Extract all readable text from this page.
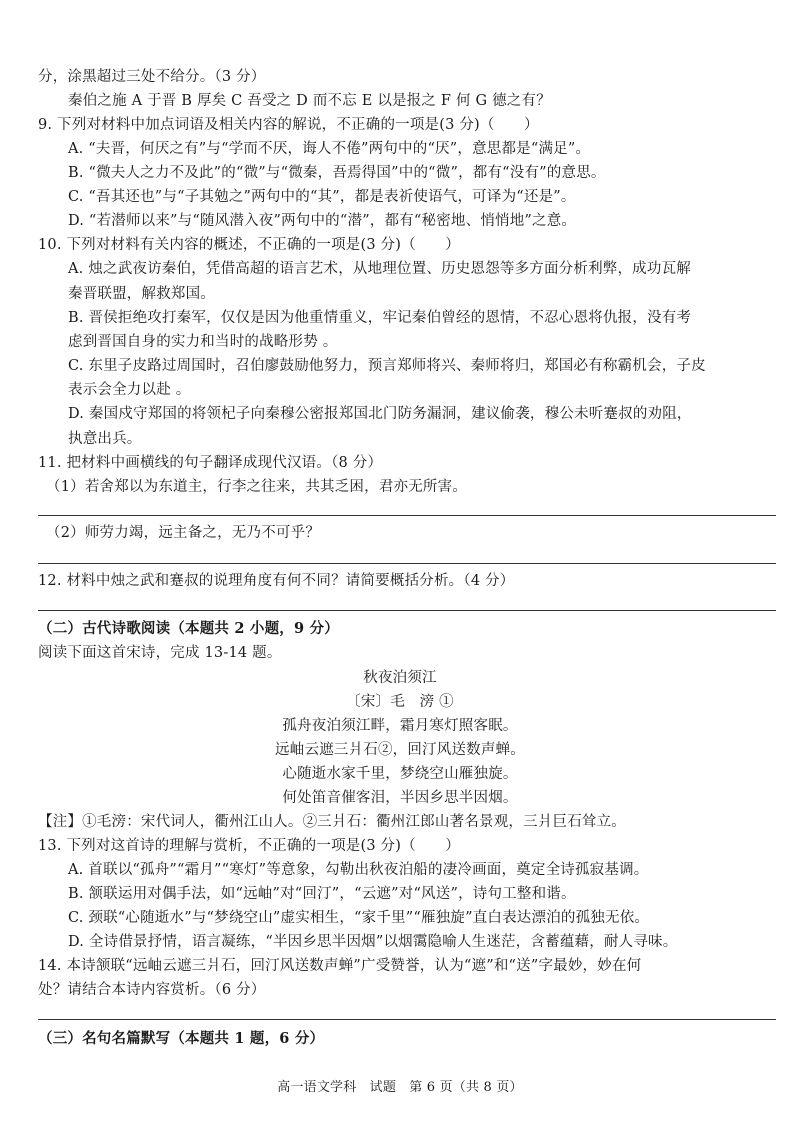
分，涂黑超过三处不给分。（3 分）
秦伯之施 A 于晋 B 厚矣 C 吾受之 D 而不忘 E 以是报之 F 何 G 德之有？
9. 下列对材料中加点词语及相关内容的解说，不正确的一项是(3 分)（　　）
A. “夫晋，何厌之有”与“学而不厌，诲人不倦”两句中的“厌”，意思都是“满足”。
B. “微夫人之力不及此”的“微”与“微秦，吾焉得国”中的“微”，都有“没有”的意思。
C. “吾其还也”与“子其勉之”两句中的“其”，都是表祈使语气，可译为“还是”。
D. “若潜师以来”与“随风潜入夜”两句中的“潜”，都有“秘密地、悄悄地”之意。
10. 下列对材料有关内容的概述，不正确的一项是(3 分)（　　）
A. 烛之武夜访秦伯，凭借高超的语言艺术，从地理位置、历史恩怨等多方面分析利弊，成功瓦解
秦晋联盟，解救郑国。
B. 晋侯拒绝攻打秦军，仅仅是因为他重情重义，牢记秦伯曾经的恩情，不忍心恩将仇报，没有考
虑到晋国自身的实力和当时的战略形势 。
C. 东里子皮路过周国时，召伯廖鼓励他努力，预言郑师将兴、秦师将归，郑国必有称霸机会，子皮
表示会全力以赴 。
D. 秦国戍守郑国的将领杞子向秦穆公密报郑国北门防务漏洞，建议偷袭，穆公未听蹇叔的劝阻，
执意出兵。
11. 把材料中画横线的句子翻译成现代汉语。（8 分）
（1）若舍郑以为东道主，行李之往来，共其乏困，君亦无所害。
（2）师劳力竭，远主备之，无乃不可乎？
12. 材料中烛之武和蹇叔的说理角度有何不同？请简要概括分析。（4 分）
（二）古代诗歌阅读（本题共 2 小题，9 分）
阅读下面这首宋诗，完成 13-14 题。
秋夜泊须江
〔宋〕毛　滂 ①
孤舟夜泊须江畔，霜月寒灯照客眠。
远岫云遮三爿石②，回汀风送数声蝉。
心随逝水家千里，梦绕空山雁独旋。
何处笛音催客泪，半因乡思半因烟。
【注】①毛滂：宋代词人，衢州江山人。②三爿石：衢州江郎山著名景观，三爿巨石耸立。
13. 下列对这首诗的理解与赏析，不正确的一项是(3 分)（　　）
A. 首联以“孤舟”“霜月”“寒灯”等意象，勾勒出秋夜泊船的凄冷画面，奠定全诗孤寂基调。
B. 颔联运用对偶手法，如“远岫”对“回汀”，“云遮”对“风送”，诗句工整和谐。
C. 颈联“心随逝水”与“梦绕空山”虚实相生，“家千里”“雁独旋”直白表达漂泊的孤独无依。
D. 全诗借景抒情，语言凝练，“半因乡思半因烟”以烟霭隐喻人生迷茫，含蓄蕴藉，耐人寻味。
14. 本诗颔联“远岫云遮三爿石，回汀风送数声蝉”广受赞誉，认为“遮”和“送”字最妙，妙在何
处？请结合本诗内容赏析。（6 分）
（三）名句名篇默写（本题共 1 题，6 分）
高一语文学科　试题　第 6 页（共 8 页）
